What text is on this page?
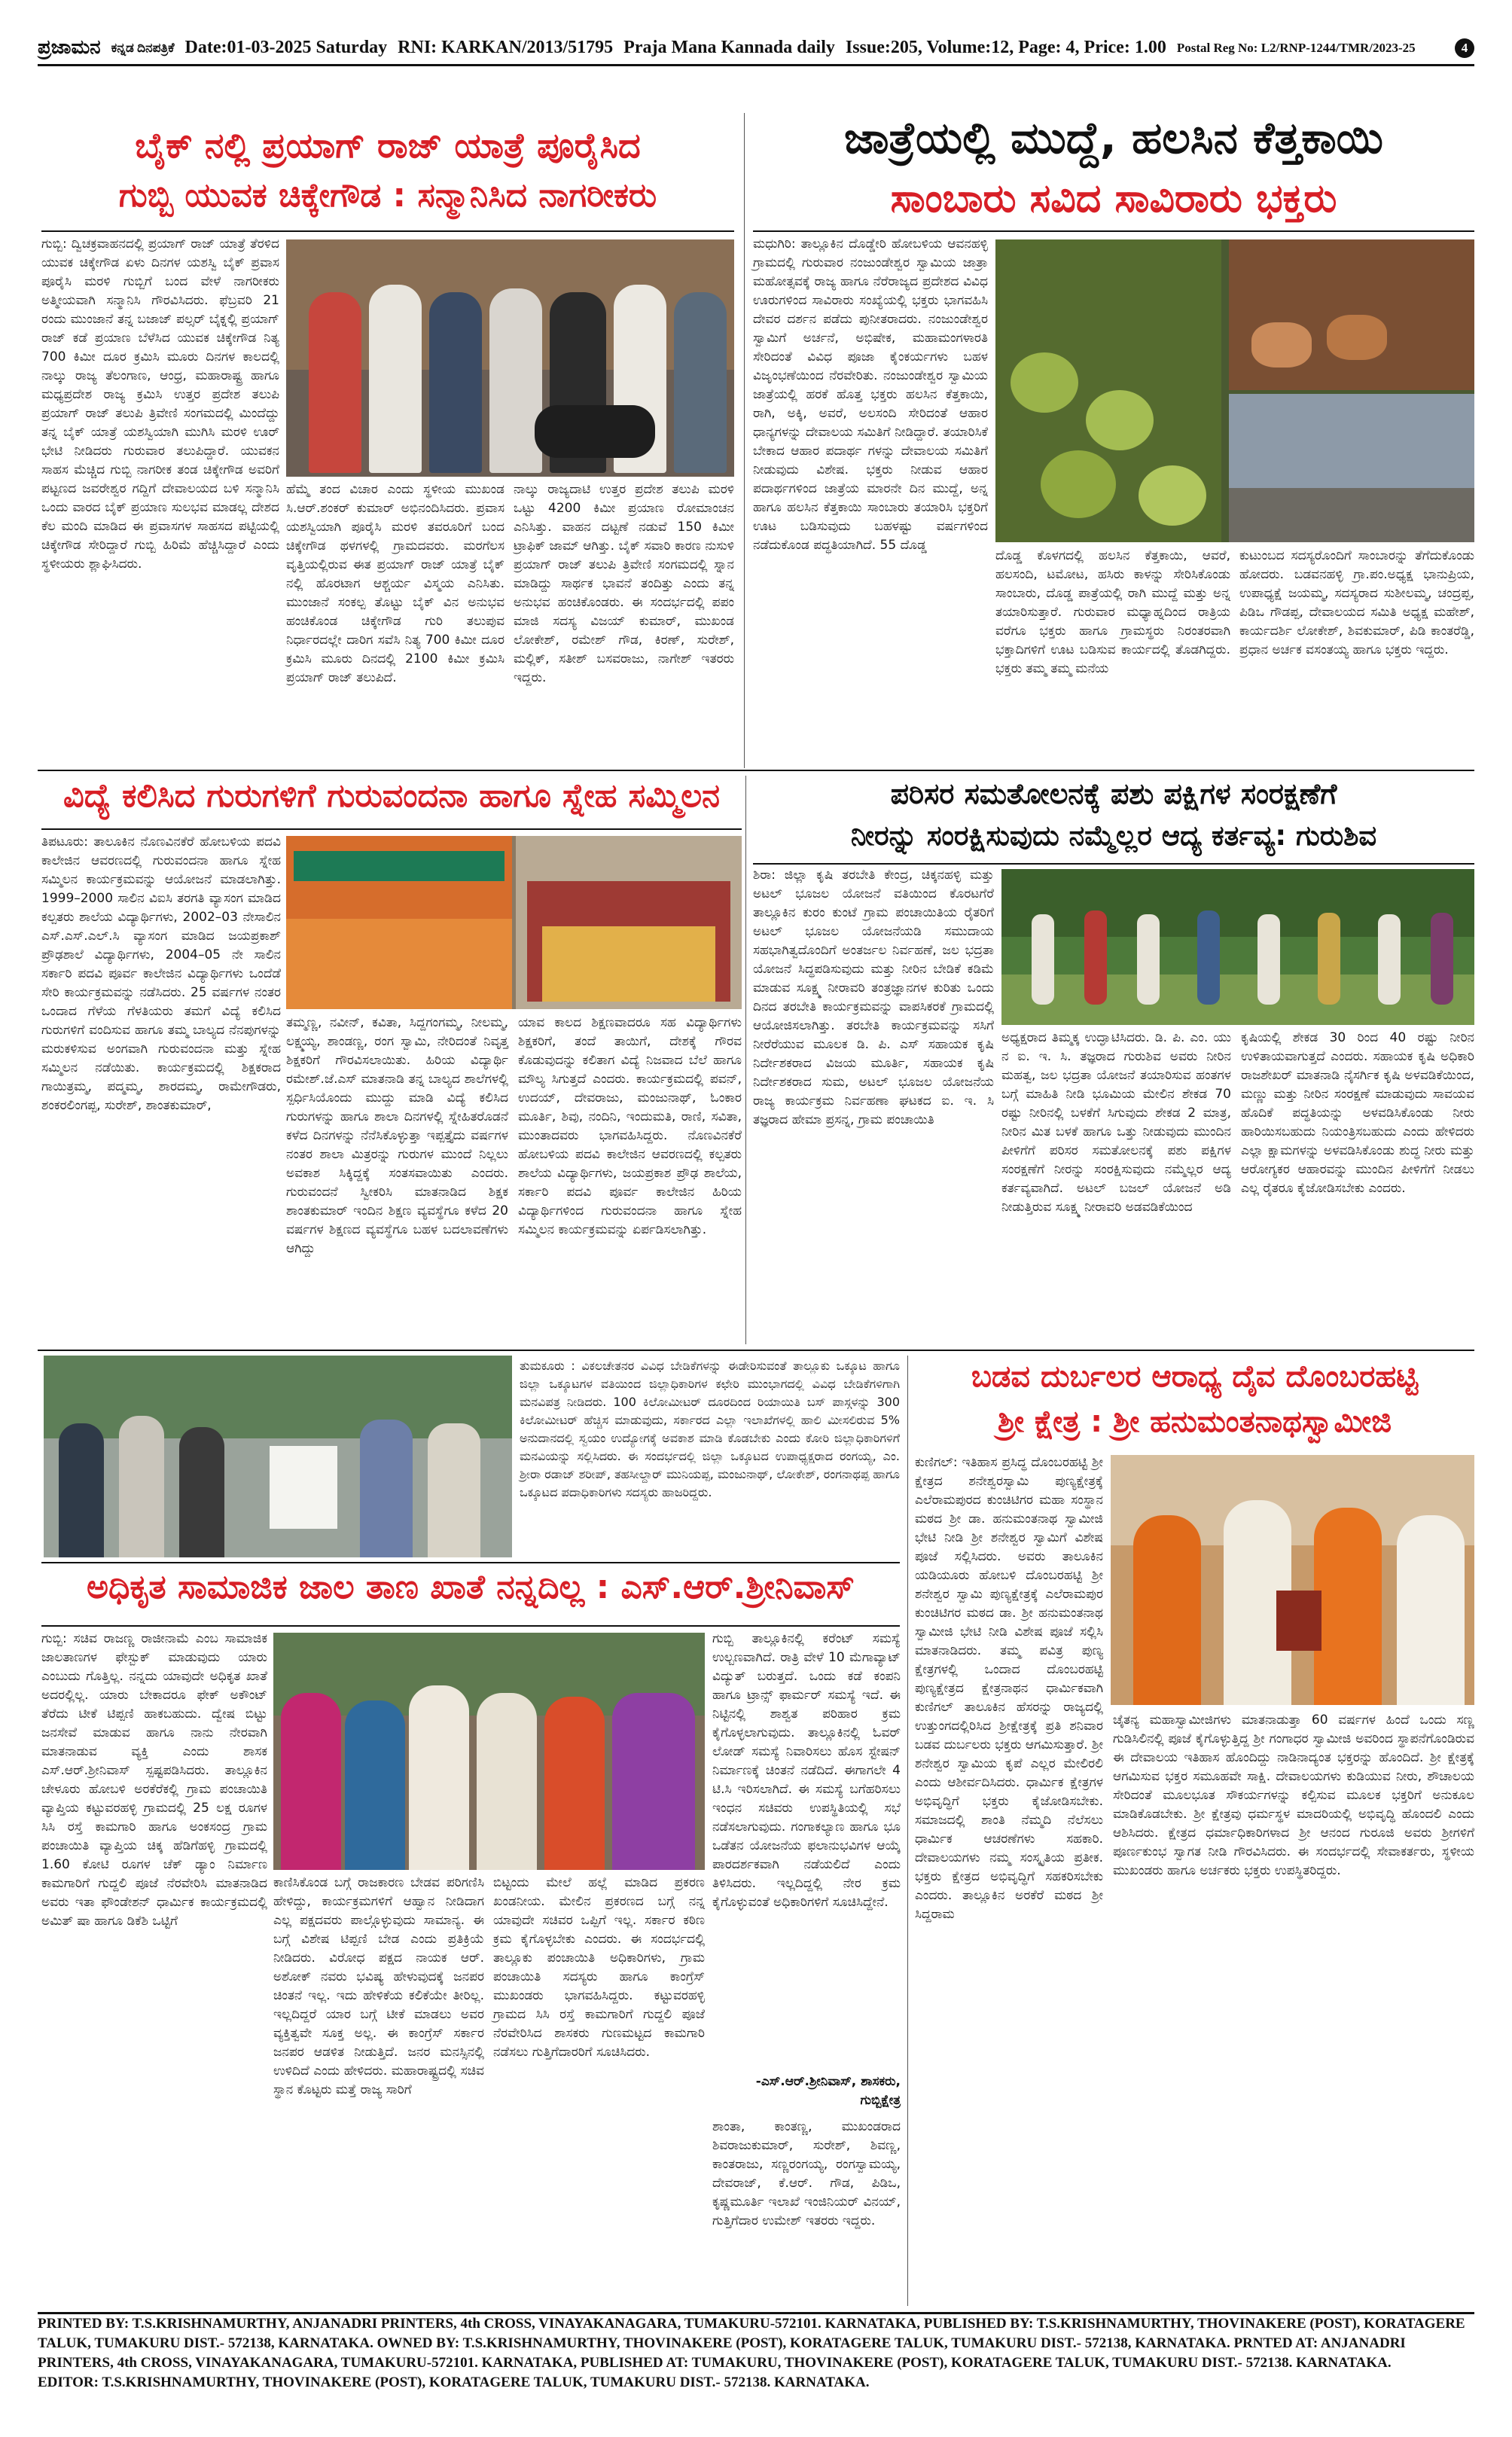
ಪ್ರಜಾಮನ ಕನ್ನಡ ದಿನಪತ್ರಿಕೆ Date:01-03-2025 Saturday RNI: KARKAN/2013/51795 Praja Mana Kannada daily Issue:205, Volume:12, Page: 4, Price: 1.00 Postal Reg No: L2/RNP-1244/TMR/2023-25	4
ಬೈಕ್ ನಲ್ಲಿ ಪ್ರಯಾಗ್ ರಾಜ್ ಯಾತ್ರೆ ಪೂರೈಸಿದ
ಗುಬ್ಬಿ ಯುವಕ ಚಿಕ್ಕೇಗೌಡ : ಸನ್ಮಾನಿಸಿದ ನಾಗರೀಕರು
ಗುಬ್ಬಿ: ದ್ವಿಚಕ್ರವಾಹನದಲ್ಲಿ ಪ್ರಯಾಗ್ ರಾಜ್ ಯಾತ್ರೆ ತೆರಳಿದ ಯುವಕ ಚಿಕ್ಕೇಗೌಡ ಏಳು ದಿನಗಳ ಯಶಸ್ವಿ ಬೈಕ್ ಪ್ರವಾಸ ಪೂರೈಸಿ ಮರಳಿ ಗುಬ್ಬಿಗೆ ಬಂದ ವೇಳೆ ನಾಗರೀಕರು ಅತ್ಮೀಯವಾಗಿ ಸನ್ಮಾನಿಸಿ ಗೌರವಿಸಿದರು. ಫೆಬ್ರವರಿ 21 ರಂದು ಮುಂಜಾನೆ ತನ್ನ ಬಜಾಜ್ ಪಲ್ಸರ್ ಬೈಕ್ನಲ್ಲಿ ಪ್ರಯಾಗ್ ರಾಜ್ ಕಡೆ ಪ್ರಯಾಣ ಬೆಳೆಸಿದ ಯುವಕ ಚಿಕ್ಕೇಗೌಡ ನಿತ್ಯ 700 ಕಿಮೀ ದೂರ ಕ್ರಮಿಸಿ ಮೂರು ದಿನಗಳ ಕಾಲದಲ್ಲಿ ನಾಲ್ಕು ರಾಜ್ಯ ತೆಲಂಗಾಣ, ಆಂಧ್ರ, ಮಹಾರಾಷ್ಟ್ರ ಹಾಗೂ ಮಧ್ಯಪ್ರದೇಶ ರಾಜ್ಯ ಕ್ರಮಿಸಿ ಉತ್ತರ ಪ್ರದೇಶ ತಲುಪಿ ಪ್ರಯಾಗ್ ರಾಜ್ ತಲುಪಿ ತ್ರಿವೇಣಿ ಸಂಗಮದಲ್ಲಿ ಮಿಂದೆದ್ದು ತನ್ನ ಬೈಕ್ ಯಾತ್ರೆ ಯಶಸ್ವಿಯಾಗಿ ಮುಗಿಸಿ ಮರಳಿ ಊರ್ ಭೇಟಿ ನೀಡಿದರು ಗುರುವಾರ ತಲುಪಿದ್ದಾರೆ. ಯುವಕನ ಸಾಹಸ ಮೆಚ್ಚಿದ ಗುಬ್ಬಿ ನಾಗರೀಕ ತಂಡ ಚಿಕ್ಕೇಗೌಡ ಅವರಿಗೆ ಪಟ್ಟಣದ ಜವರೇಶ್ವರ ಗದ್ದಿಗೆ ದೇವಾಲಯದ ಬಳಿ ಸನ್ಮಾನಿಸಿ ಒಂದು ವಾರದ ಬೈಕ್ ಪ್ರಯಾಣ ಸುಲಭವ ಮಾಡಲ್ಲ ದೇಶದ ಕೆಲ ಮಂದಿ ಮಾಡಿದ ಈ ಪ್ರವಾಸಗಳ ಸಾಹಸದ ಪಟ್ಟಿಯಲ್ಲಿ ಚಿಕ್ಕೇಗೌಡ ಸೇರಿದ್ದಾರೆ ಗುಬ್ಬಿ ಹಿರಿಮೆ ಹೆಚ್ಚಿಸಿದ್ದಾರೆ ಎಂದು ಸ್ಥಳೀಯರು ಶ್ಲಾಘಿಸಿದರು.
ಹೆಮ್ಮೆ ತಂದ ವಿಚಾರ ಎಂದು ಸ್ಥಳೀಯ ಮುಖಂಡ ಸಿ.ಆರ್.ಶಂಕರ್ ಕುಮಾರ್ ಅಭಿನಂದಿಸಿದರು. ಪ್ರವಾಸ ಯಶಸ್ವಿಯಾಗಿ ಪೂರೈಸಿ ಮರಳಿ ತವರೂರಿಗೆ ಬಂದ ಚಿಕ್ಕೇಗೌಡ ಥಳಗಳಲ್ಲಿ ಗ್ರಾಮದವರು. ಮರಗೆಲಸ ವೃತ್ತಿಯಲ್ಲಿರುವ ಈತ ಪ್ರಯಾಗ್ ರಾಜ್ ಯಾತ್ರೆ ಬೈಕ್ ನಲ್ಲಿ ಹೊರಟಾಗ ಆಶ್ಚರ್ಯ ವಿಸ್ಮಯ ಎನಿಸಿತು. ಮುಂಜಾನೆ ಸಂಕಲ್ಪ ತೊಟ್ಟು ಬೈಕ್ ವಿನ ಅನುಭವ ಹಂಚಿಕೊಂಡ ಚಿಕ್ಕೇಗೌಡ ಗುರಿ ತಲುಪುವ ನಿರ್ಧಾರದಲ್ಲೇ ದಾರಿಗ ಸವೆಸಿ ನಿತ್ಯ 700 ಕಿಮೀ ದೂರ ಕ್ರಮಿಸಿ ಮೂರು ದಿನದಲ್ಲಿ 2100 ಕಿಮೀ ಕ್ರಮಿಸಿ ಪ್ರಯಾಗ್ ರಾಜ್ ತಲುಪಿದೆ.
ನಾಲ್ಕು ರಾಜ್ಯದಾಟಿ ಉತ್ತರ ಪ್ರದೇಶ ತಲುಪಿ ಮರಳಿ ಒಟ್ಟು 4200 ಕಿಮೀ ಪ್ರಯಾಣ ರೋಮಾಂಚನ ಎನಿಸಿತ್ತು. ವಾಹನ ದಟ್ಟಣೆ ನಡುವೆ 150 ಕಿಮೀ ಟ್ರಾಫಿಕ್ ಜಾಮ್ ಆಗಿತ್ತು. ಬೈಕ್ ಸವಾರಿ ಕಾರಣ ನುಸುಳಿ ಪ್ರಯಾಗ್ ರಾಜ್ ತಲುಪಿ ತ್ರಿವೇಣಿ ಸಂಗಮದಲ್ಲಿ ಸ್ನಾನ ಮಾಡಿದ್ದು ಸಾರ್ಥಕ ಭಾವನೆ ತಂದಿತ್ತು ಎಂದು ತನ್ನ ಅನುಭವ ಹಂಚಿಕೊಂಡರು. ಈ ಸಂದರ್ಭದಲ್ಲಿ ಪಪಂ ಮಾಜಿ ಸದಸ್ಯ ವಿಜಯ್ ಕುಮಾರ್, ಮುಖಂಡ ಲೋಕೇಶ್, ರಮೇಶ್ ಗೌಡ, ಕಿರಣ್, ಸುರೇಶ್, ಮಲ್ಲಿಕ್, ಸತೀಶ್ ಬಸವರಾಜು, ನಾಗೇಶ್ ಇತರರು ಇದ್ದರು.
ಜಾತ್ರೆಯಲ್ಲಿ ಮುದ್ದೆ, ಹಲಸಿನ ಕೆತ್ತಕಾಯಿ
ಸಾಂಬಾರು ಸವಿದ ಸಾವಿರಾರು ಭಕ್ತರು
ಮಧುಗಿರಿ: ತಾಲ್ಲೂಕಿನ ದೊಡ್ಡೇರಿ ಹೋಬಳಿಯ ಆವನಹಳ್ಳಿ ಗ್ರಾಮದಲ್ಲಿ ಗುರುವಾರ ನಂಜುಂಡೇಶ್ವರ ಸ್ವಾಮಿಯ ಜಾತ್ರಾ ಮಹೋತ್ಸವಕ್ಕೆ ರಾಜ್ಯ ಹಾಗೂ ನೆರೆರಾಜ್ಯದ ಪ್ರದೇಶದ ವಿವಿಧ ಊರುಗಳಿಂದ ಸಾವಿರಾರು ಸಂಖ್ಯೆಯಲ್ಲಿ ಭಕ್ತರು ಭಾಗವಹಿಸಿ ದೇವರ ದರ್ಶನ ಪಡೆದು ಪುನೀತರಾದರು. ನಂಜುಂಡೇಶ್ವರ ಸ್ವಾಮಿಗೆ ಅರ್ಚನೆ, ಅಭಿಷೇಕ, ಮಹಾಮಂಗಳಾರತಿ ಸೇರಿದಂತೆ ವಿವಿಧ ಪೂಜಾ ಕೈಂಕರ್ಯಗಳು ಬಹಳ ವಿಜೃಂಭಣೆಯಿಂದ ನೆರವೇರಿತು. ನಂಜುಂಡೇಶ್ವರ ಸ್ವಾಮಿಯ ಜಾತ್ರೆಯಲ್ಲಿ ಹರಕೆ ಹೊತ್ತ ಭಕ್ತರು ಹಲಸಿನ ಕೆತ್ತಕಾಯಿ, ರಾಗಿ, ಅಕ್ಕಿ, ಅವರೆ, ಅಲಸಂದಿ ಸೇರಿದಂತೆ ಆಹಾರ ಧಾನ್ಯಗಳನ್ನು ದೇವಾಲಯ ಸಮಿತಿಗೆ ನೀಡಿದ್ದಾರೆ. ತಯಾರಿಸಿಕೆ ಬೇಕಾದ ಆಹಾರ ಪದಾರ್ಥ ಗಳನ್ನು ದೇವಾಲಯ ಸಮಿತಿಗೆ ನೀಡುವುದು ವಿಶೇಷ. ಭಕ್ತರು ನೀಡುವ ಆಹಾರ ಪದಾರ್ಥಗಳಿಂದ ಜಾತ್ರೆಯ ಮಾರನೇ ದಿನ ಮುದ್ದೆ, ಅನ್ನ ಹಾಗೂ ಹಲಸಿನ ಕೆತ್ತಕಾಯಿ ಸಾಂಬಾರು ತಯಾರಿಸಿ ಭಕ್ತರಿಗೆ ಊಟ ಬಡಿಸುವುದು ಬಹಳಷ್ಟು ವರ್ಷಗಳಿಂದ ನಡೆದುಕೊಂಡ ಪದ್ಧತಿಯಾಗಿದೆ. 55 ದೊಡ್ಡ
ದೊಡ್ಡ ಕೊಳಗದಲ್ಲಿ ಹಲಸಿನ ಕೆತ್ತಕಾಯಿ, ಆವರೆ, ಹಲಸಂದಿ, ಟಮೋಟ, ಹಸಿರು ಕಾಳನ್ನು ಸೇರಿಸಿಕೊಂಡು ಸಾಂಬಾರು, ದೊಡ್ಡ ಪಾತ್ರೆಯಲ್ಲಿ ರಾಗಿ ಮುದ್ದೆ ಮತ್ತು ಅನ್ನ ತಯಾರಿಸುತ್ತಾರೆ. ಗುರುವಾರ ಮಧ್ಯಾಹ್ನದಿಂದ ರಾತ್ರಿಯ ವರೆಗೂ ಭಕ್ತರು ಹಾಗೂ ಗ್ರಾಮಸ್ಥರು ನಿರಂತರವಾಗಿ ಭಕ್ತಾದಿಗಳಿಗೆ ಊಟ ಬಡಿಸುವ ಕಾರ್ಯದಲ್ಲಿ ತೊಡಗಿದ್ದರು. ಭಕ್ತರು ತಮ್ಮ ತಮ್ಮ ಮನೆಯ
ಕುಟುಂಬದ ಸದಸ್ಯರೊಂದಿಗೆ ಸಾಂಬಾರನ್ನು ತೆಗೆದುಕೊಂಡು ಹೋದರು. ಬಡವನಹಳ್ಳಿ ಗ್ರಾ.ಪಂ.ಅಧ್ಯಕ್ಷ ಭಾನುಪ್ರಿಯ, ಉಪಾಧ್ಯಕ್ಷೆ ಜಯಮ್ಮ, ಸದಸ್ಯರಾದ ಸುಶೀಲಮ್ಮ, ಚಂದ್ರಪ್ಪ, ಪಿಡಿಒ ಗೌಡಪ್ಪ, ದೇವಾಲಯದ ಸಮಿತಿ ಅಧ್ಯಕ್ಷ ಮಹೇಶ್, ಕಾರ್ಯದರ್ಶಿ ಲೋಕೇಶ್, ಶಿವಕುಮಾರ್, ಪಿಡಿ ಕಾಂತರೆಡ್ಡಿ, ಪ್ರಧಾನ ಅರ್ಚಕ ವಸಂತಯ್ಯ ಹಾಗೂ ಭಕ್ತರು ಇದ್ದರು.
ವಿದ್ಯೆ ಕಲಿಸಿದ ಗುರುಗಳಿಗೆ ಗುರುವಂದನಾ ಹಾಗೂ ಸ್ನೇಹ ಸಮ್ಮಿಲನ
ತಿಪಟೂರು: ತಾಲೂಕಿನ ನೊಣವಿನಕೆರೆ ಹೋಬಳಿಯ ಪದವಿ ಕಾಲೇಜಿನ ಆವರಣದಲ್ಲಿ ಗುರುವಂದನಾ ಹಾಗೂ ಸ್ನೇಹ ಸಮ್ಮಿಲನ ಕಾರ್ಯಕ್ರಮವನ್ನು ಆಯೋಜನೆ ಮಾಡಲಾಗಿತ್ತು. 1999–2000 ಸಾಲಿನ ವಿಐಸಿ ತರಗತಿ ವ್ಯಾಸಂಗ ಮಾಡಿದ ಕಲ್ಪತರು ಶಾಲೆಯ ವಿದ್ಯಾರ್ಥಿಗಳು, 2002–03 ನೇಸಾಲಿನ ಎಸ್.ಎಸ್.ಎಲ್.ಸಿ ವ್ಯಾಸಂಗ ಮಾಡಿದ ಜಯಪ್ರಕಾಶ್ ಪ್ರೌಢಶಾಲೆ ವಿದ್ಯಾರ್ಥಿಗಳು, 2004–05 ನೇ ಸಾಲಿನ ಸರ್ಕಾರಿ ಪದವಿ ಪೂರ್ವ ಕಾಲೇಜಿನ ವಿದ್ಯಾರ್ಥಿಗಳು ಒಂದೆಡೆ ಸೇರಿ ಕಾರ್ಯಕ್ರಮವನ್ನು ನಡೆಸಿದರು. 25 ವರ್ಷಗಳ ನಂತರ ಒಂದಾದ ಗೆಳೆಯ ಗೆಳತಿಯರು ತಮಗೆ ವಿದ್ಯೆ ಕಲಿಸಿದ ಗುರುಗಳಿಗೆ ವಂದಿಸುವ ಹಾಗೂ ತಮ್ಮ ಬಾಲ್ಯದ ನೆನಪುಗಳನ್ನು ಮರುಕಳಿಸುವ ಅಂಗವಾಗಿ ಗುರುವಂದನಾ ಮತ್ತು ಸ್ನೇಹ ಸಮ್ಮಿಲನ ನಡೆಯಿತು. ಕಾರ್ಯಕ್ರಮದಲ್ಲಿ ಶಿಕ್ಷಕರಾದ ಗಾಯಿತ್ರಮ್ಮ, ಪದ್ಮಮ್ಮ, ಶಾರದಮ್ಮ, ರಾಮೇಗೌಡರು, ಶಂಕರಲಿಂಗಪ್ಪ, ಸುರೇಶ್, ಶಾಂತಕುಮಾರ್,
ತಮ್ಮಣ್ಣ, ನವೀನ್, ಕವಿತಾ, ಸಿದ್ದಗಂಗಮ್ಮ, ನೀಲಮ್ಮ, ಲಕ್ಷ್ಮಯ್ಯ, ಶಾಂಡಣ್ಣ, ರಂಗ ಸ್ವಾಮಿ, ನೇರಿದಂತೆ ನಿವೃತ್ತ ಶಿಕ್ಷಕರಿಗೆ ಗೌರವಿಸಲಾಯಿತು. ಹಿರಿಯ ವಿದ್ಯಾರ್ಥಿ ರಮೇಶ್.ಜೆ.ಎಸ್ ಮಾತನಾಡಿ ತನ್ನ ಬಾಲ್ಯದ ಶಾಲೆಗಳಲ್ಲಿ ಸ್ಪರ್ಧಿಸಿಯೊಂದು ಮುದ್ದು ಮಾಡಿ ವಿದ್ಯೆ ಕಲಿಸಿದ ಗುರುಗಳನ್ನು ಹಾಗೂ ಶಾಲಾ ದಿನಗಳಲ್ಲಿ ಸ್ನೇಹಿತರೊಡನೆ ಕಳೆದ ದಿನಗಳನ್ನು ನೆನೆಸಿಕೊಳ್ಳುತ್ತಾ ಇಪ್ಪತ್ತೈದು ವರ್ಷಗಳ ನಂತರ ಶಾಲಾ ಮಿತ್ರರನ್ನು ಗುರುಗಳ ಮುಂದೆ ನಿಲ್ಲಲು ಅವಕಾಶ ಸಿಕ್ಕಿದ್ದಕ್ಕೆ ಸಂತಸವಾಯಿತು ಎಂದರು. ಗುರುವಂದನೆ ಸ್ವೀಕರಿಸಿ ಮಾತನಾಡಿದ ಶಿಕ್ಷಕ ಶಾಂತಕುಮಾರ್ ಇಂದಿನ ಶಿಕ್ಷಣ ವ್ಯವಸ್ಥೆಗೂ ಕಳೆದ 20 ವರ್ಷಗಳ ಶಿಕ್ಷಣದ ವ್ಯವಸ್ಥೆಗೂ ಬಹಳ ಬದಲಾವಣೆಗಳು ಆಗಿದ್ದು
ಯಾವ ಕಾಲದ ಶಿಕ್ಷಣವಾದರೂ ಸಹ ವಿದ್ಯಾರ್ಥಿಗಳು ಶಿಕ್ಷಕರಿಗೆ, ತಂದೆ ತಾಯಿಗೆ, ದೇಶಕ್ಕೆ ಗೌರವ ಕೊಡುವುದನ್ನು ಕಲಿತಾಗ ವಿದ್ಯೆ ನಿಜವಾದ ಬೆಲೆ ಹಾಗೂ ಮೌಲ್ಯ ಸಿಗುತ್ತದೆ ಎಂದರು. ಕಾರ್ಯಕ್ರಮದಲ್ಲಿ ಪವನ್, ಉದಯ್, ದೇವರಾಜು, ಮಂಜುನಾಥ್, ಓಂಕಾರ ಮೂರ್ತಿ, ಶಿವು, ನಂದಿನಿ, ಇಂದುಮತಿ, ರಾಣಿ, ಸವಿತಾ, ಮುಂತಾದವರು ಭಾಗವಹಿಸಿದ್ದರು. ನೊಣವಿನಕೆರೆ ಹೋಬಳಿಯ ಪದವಿ ಕಾಲೇಜಿನ ಆವರಣದಲ್ಲಿ ಕಲ್ಪತರು ಶಾಲೆಯ ವಿದ್ಯಾರ್ಥಿಗಳು, ಜಯಪ್ರಕಾಶ ಪ್ರೌಢ ಶಾಲೆಯ, ಸರ್ಕಾರಿ ಪದವಿ ಪೂರ್ವ ಕಾಲೇಜಿನ ಹಿರಿಯ ವಿದ್ಯಾರ್ಥಿಗಳಿಂದ ಗುರುವಂದನಾ ಹಾಗೂ ಸ್ನೇಹ ಸಮ್ಮಿಲನ ಕಾರ್ಯಕ್ರಮವನ್ನು ಏರ್ಪಡಿಸಲಾಗಿತ್ತು.
ಪರಿಸರ ಸಮತೋಲನಕ್ಕೆ ಪಶು ಪಕ್ಷಿಗಳ ಸಂರಕ್ಷಣೆಗೆ
ನೀರನ್ನು ಸಂರಕ್ಷಿಸುವುದು ನಮ್ಮೆಲ್ಲರ ಆದ್ಯ ಕರ್ತವ್ಯ: ಗುರುಶಿವ
ಶಿರಾ: ಜಿಲ್ಲಾ ಕೃಷಿ ತರಬೇತಿ ಕೇಂದ್ರ, ಚಿಕ್ಕನಹಳ್ಳಿ ಮತ್ತು ಅಟಲ್ ಭೂಜಲ ಯೋಜನೆ ವತಿಯಿಂದ ಕೊರಟಗೆರೆ ತಾಲ್ಲೂಕಿನ ಕುರಂ ಕುಂಟೆ ಗ್ರಾಮ ಪಂಚಾಯಿತಿಯ ರೈತರಿಗೆ ಅಟಲ್ ಭೂಜಲ ಯೋಜನೆಯಡಿ ಸಮುದಾಯ ಸಹಭಾಗಿತ್ವದೊಂದಿಗೆ ಅಂತರ್ಜಲ ನಿರ್ವಹಣೆ, ಜಲ ಭದ್ರತಾ ಯೋಜನೆ ಸಿದ್ಧಪಡಿಸುವುದು ಮತ್ತು ನೀರಿನ ಬೇಡಿಕೆ ಕಡಿಮೆ ಮಾಡುವ ಸೂಕ್ಷ್ಮ ನೀರಾವರಿ ತಂತ್ರಜ್ಞಾನಗಳ ಕುರಿತು ಒಂದು ದಿನದ ತರಬೇತಿ ಕಾರ್ಯಕ್ರಮವನ್ನು ವಾಪಸಿಕರಕೆ ಗ್ರಾಮದಲ್ಲಿ ಆಯೋಜಿಸಲಾಗಿತ್ತು. ತರಬೇತಿ ಕಾರ್ಯಕ್ರಮವನ್ನು ಸಸಿಗೆ ನೀರೆರೆಯುವ ಮೂಲಕ ಡಿ. ಪಿ. ಎಸ್ ಸಹಾಯಕ ಕೃಷಿ ನಿರ್ದೇಶಕರಾದ ವಿಜಯ ಮೂರ್ತಿ, ಸಹಾಯಕ ಕೃಷಿ ನಿರ್ದೇಶಕರಾದ ಸುಮ, ಅಟಲ್ ಭೂಜಲ ಯೋಜನೆಯ ರಾಜ್ಯ ಕಾರ್ಯಕ್ರಮ ನಿರ್ವಹಣಾ ಘಟಕದ ಐ. ಇ. ಸಿ ತಜ್ಞರಾದ ಹೇಮಾ ಪ್ರಸನ್ನ, ಗ್ರಾಮ ಪಂಚಾಯಿತಿ
ಅಧ್ಯಕ್ಷರಾದ ತಿಮ್ಮಕ್ಕ ಉದ್ಘಾಟಿಸಿದರು. ಡಿ. ಪಿ. ಎಂ. ಯು ನ ಐ. ಇ. ಸಿ. ತಜ್ಞರಾದ ಗುರುಶಿವ ಅವರು ನೀರಿನ ಮಹತ್ವ, ಜಲ ಭದ್ರತಾ ಯೋಜನೆ ತಯಾರಿಸುವ ಹಂತಗಳ ಬಗ್ಗೆ ಮಾಹಿತಿ ನೀಡಿ ಭೂಮಿಯ ಮೇಲಿನ ಶೇಕಡ 70 ರಷ್ಟು ನೀರಿನಲ್ಲಿ ಬಳಕೆಗೆ ಸಿಗುವುದು ಶೇಕಡ 2 ಮಾತ್ರ, ನೀರಿನ ಮಿತ ಬಳಕೆ ಹಾಗೂ ಒತ್ತು ನೀಡುವುದು ಮುಂದಿನ ಪೀಳಿಗೆಗೆ ಪರಿಸರ ಸಮತೋಲನಕ್ಕೆ ಪಶು ಪಕ್ಷಿಗಳ ಸಂರಕ್ಷಣೆಗೆ ನೀರನ್ನು ಸಂರಕ್ಷಿಸುವುದು ನಮ್ಮೆಲ್ಲರ ಆದ್ಯ ಕರ್ತವ್ಯವಾಗಿದೆ. ಅಟಲ್ ಬಜಲ್ ಯೋಜನೆ ಅಡಿ ನೀಡುತ್ತಿರುವ ಸೂಕ್ಷ್ಮ ನೀರಾವರಿ ಅಡವಡಿಕೆಯಿಂದ
ಕೃಷಿಯಲ್ಲಿ ಶೇಕಡ 30 ರಿಂದ 40 ರಷ್ಟು ನೀರಿನ ಉಳಿತಾಯವಾಗುತ್ತದೆ ಎಂದರು. ಸಹಾಯಕ ಕೃಷಿ ಅಧಿಕಾರಿ ರಾಜಶೇಖರ್ ಮಾತನಾಡಿ ನೈಸರ್ಗಿಕ ಕೃಷಿ ಅಳವಡಿಕೆಯಿಂದ, ಮಣ್ಣು ಮತ್ತು ನೀರಿನ ಸಂರಕ್ಷಣೆ ಮಾಡುವುದು ಸಾವಯವ ಹೊದಿಕೆ ಪದ್ಧತಿಯನ್ನು ಅಳವಡಿಸಿಕೊಂಡು ನೀರು ಹಾರಿಯಿಸಬಹುದು ನಿಯಂತ್ರಿಸಬಹುದು ಎಂದು ಹೇಳಿದರು ಎಲ್ಲಾ ಕ್ಷಾಮಗಳನ್ನು ಅಳವಡಿಸಿಕೊಂಡು ಶುದ್ಧ ನೀರು ಮತ್ತು ಆರೋಗ್ಯಕರ ಆಹಾರವನ್ನು ಮುಂದಿನ ಪೀಳಿಗೆಗೆ ನೀಡಲು ಎಲ್ಲ ರೈತರೂ ಕೈಜೋಡಿಸಬೇಕು ಎಂದರು.
ತುಮಕೂರು : ವಿಕಲಚೇತನರ ವಿವಿಧ ಬೇಡಿಕೆಗಳನ್ನು ಈಡೇರಿಸುವಂತೆ ತಾಲ್ಲೂಕು ಒಕ್ಕೂಟ ಹಾಗೂ ಜಿಲ್ಲಾ ಒಕ್ಕೂಟಗಳ ವತಿಯಿಂದ ಜಿಲ್ಲಾಧಿಕಾರಿಗಳ ಕಛೇರಿ ಮುಂಭಾಗದಲ್ಲಿ ವಿವಿಧ ಬೇಡಿಕೆಗಳಿಗಾಗಿ ಮನವಿಪತ್ರ ನೀಡಿದರು. 100 ಕಿಲೋಮೀಟರ್ ದೂರದಿಂದ ರಿಯಾಯಿತಿ ಬಸ್ ಪಾಸ್ಗಳನ್ನು 300 ಕಿಲೋಮೀಟರ್ ಹೆಚ್ಚಿಸ ಮಾಡುವುದು, ಸರ್ಕಾರದ ಎಲ್ಲಾ ಇಲಾಖೆಗಳಲ್ಲಿ ಹಾಲಿ ಮೀಸಲಿರುವ 5% ಅನುದಾನದಲ್ಲಿ ಸ್ವಯಂ ಉದ್ಯೋಗಕ್ಕೆ ಅವಕಾಶ ಮಾಡಿ ಕೊಡಬೇಕು ಎಂದು ಕೋರಿ ಜಿಲ್ಲಾಧಿಕಾರಿಗಳಿಗೆ ಮನವಿಯನ್ನು ಸಲ್ಲಿಸಿದರು. ಈ ಸಂದರ್ಭದಲ್ಲಿ ಜಿಲ್ಲಾ ಒಕ್ಕೂಟದ ಉಪಾಧ್ಯಕ್ಷರಾದ ರಂಗಯ್ಯ, ಎಂ. ಶ್ರೀರಾ ರಡಾಜ್ ಶರೀಪ್, ತಹಸೀಲ್ದಾರ್ ಮುನಿಯಪ್ಪ, ಮಂಜುನಾಥ್, ಲೋಕೇಶ್, ರಂಗನಾಥಪ್ಪ ಹಾಗೂ ಒಕ್ಕೂಟದ ಪದಾಧಿಕಾರಿಗಳು ಸದಸ್ಯರು ಹಾಜರಿದ್ದರು.
ಬಡವ ದುರ್ಬಲರ ಆರಾಧ್ಯ ದೈವ ದೊಂಬರಹಟ್ಟಿ
ಶ್ರೀ ಕ್ಷೇತ್ರ : ಶ್ರೀ ಹನುಮಂತನಾಥಸ್ವಾಮೀಜಿ
ಕುಣಿಗಲ್: ಇತಿಹಾಸ ಪ್ರಸಿದ್ಧ ದೊಂಬರಹಟ್ಟಿ ಶ್ರೀ ಕ್ಷೇತ್ರದ ಶನೇಶ್ವರಸ್ವಾಮಿ ಪುಣ್ಯಕ್ಷೇತ್ರಕ್ಕೆ ಎಲೆರಾಮಪುರದ ಕುಂಚಿಟಿಗರ ಮಹಾ ಸಂಸ್ಥಾನ ಮಠದ ಶ್ರೀ ಡಾ. ಹನುಮಂತನಾಥ ಸ್ವಾಮೀಜಿ ಭೇಟಿ ನೀಡಿ ಶ್ರೀ ಶನೇಶ್ವರ ಸ್ವಾಮಿಗೆ ವಿಶೇಷ ಪೂಜೆ ಸಲ್ಲಿಸಿದರು. ಅವರು ತಾಲೂಕಿನ ಯಡಿಯೂರು ಹೋಬಳಿ ದೊಂಬರಹಟ್ಟಿ ಶ್ರೀ ಶನೇಶ್ವರ ಸ್ವಾಮಿ ಪುಣ್ಯಕ್ಷೇತ್ರಕ್ಕೆ ಎಲೆರಾಮಪುರ ಕುಂಚಿಟಿಗರ ಮಠದ ಡಾ. ಶ್ರೀ ಹನುಮಂತನಾಥ ಸ್ವಾಮೀಜಿ ಭೇಟಿ ನೀಡಿ ವಿಶೇಷ ಪೂಜೆ ಸಲ್ಲಿಸಿ ಮಾತನಾಡಿದರು. ತಮ್ಮ ಪವಿತ್ರ ಪುಣ್ಯ ಕ್ಷೇತ್ರಗಳಲ್ಲಿ ಒಂದಾದ ದೊಂಬರಹಟ್ಟಿ ಪುಣ್ಯಕ್ಷೇತ್ರದ ಕ್ಷೇತ್ರನಾಥನ ಧಾರ್ಮಿಕವಾಗಿ ಕುಣಿಗಲ್ ತಾಲೂಕಿನ ಹೆಸರನ್ನು ರಾಜ್ಯದಲ್ಲಿ ಉತ್ತುಂಗದಲ್ಲಿರಿಸಿದ ಶ್ರೀಕ್ಷೇತ್ರಕ್ಕೆ ಪ್ರತಿ ಶನಿವಾರ ಬಡವ ದುರ್ಬಲರು ಭಕ್ತರು ಆಗಮಿಸುತ್ತಾರೆ. ಶ್ರೀ ಶನೇಶ್ವರ ಸ್ವಾಮಿಯ ಕೃಪೆ ಎಲ್ಲರ ಮೇಲಿರಲಿ ಎಂದು ಆಶೀರ್ವದಿಸಿದರು. ಧಾರ್ಮಿಕ ಕ್ಷೇತ್ರಗಳ ಅಭಿವೃದ್ಧಿಗೆ ಭಕ್ತರು ಕೈಜೋಡಿಸಬೇಕು. ಸಮಾಜದಲ್ಲಿ ಶಾಂತಿ ನೆಮ್ಮದಿ ನೆಲೆಸಲು ಧಾರ್ಮಿಕ ಆಚರಣೆಗಳು ಸಹಕಾರಿ. ದೇವಾಲಯಗಳು ನಮ್ಮ ಸಂಸ್ಕೃತಿಯ ಪ್ರತೀಕ. ಭಕ್ತರು ಕ್ಷೇತ್ರದ ಅಭಿವೃದ್ಧಿಗೆ ಸಹಕರಿಸಬೇಕು ಎಂದರು. ತಾಲ್ಲೂಕಿನ ಅರಕೆರೆ ಮಠದ ಶ್ರೀ ಸಿದ್ದರಾಮ
ಚೈತನ್ಯ ಮಹಾಸ್ವಾಮೀಜಿಗಳು ಮಾತನಾಡುತ್ತಾ 60 ವರ್ಷಗಳ ಹಿಂದೆ ಒಂದು ಸಣ್ಣ ಗುಡಿಸಿಲಿನಲ್ಲಿ ಪೂಜೆ ಕೈಗೊಳ್ಳುತ್ತಿದ್ದ ಶ್ರೀ ಗಂಗಾಧರ ಸ್ವಾಮೀಜಿ ಅವರಿಂದ ಸ್ಥಾಪನೆಗೊಂಡಿರುವ ಈ ದೇವಾಲಯ ಇತಿಹಾಸ ಹೊಂದಿದ್ದು ನಾಡಿನಾದ್ಯಂತ ಭಕ್ತರನ್ನು ಹೊಂದಿದೆ. ಶ್ರೀ ಕ್ಷೇತ್ರಕ್ಕೆ ಆಗಮಿಸುವ ಭಕ್ತರ ಸಮೂಹವೇ ಸಾಕ್ಷಿ. ದೇವಾಲಯಗಳು ಕುಡಿಯುವ ನೀರು, ಶೌಚಾಲಯ ಸೇರಿದಂತೆ ಮೂಲಭೂತ ಸೌಕರ್ಯಗಳನ್ನು ಕಲ್ಪಿಸುವ ಮೂಲಕ ಭಕ್ತರಿಗೆ ಅನುಕೂಲ ಮಾಡಿಕೊಡಬೇಕು. ಶ್ರೀ ಕ್ಷೇತ್ರವು ಧರ್ಮಸ್ಥಳ ಮಾದರಿಯಲ್ಲಿ ಅಭಿವೃದ್ಧಿ ಹೊಂದಲಿ ಎಂದು ಆಶಿಸಿದರು. ಕ್ಷೇತ್ರದ ಧರ್ಮಾಧಿಕಾರಿಗಳಾದ ಶ್ರೀ ಆನಂದ ಗುರೂಜಿ ಅವರು ಶ್ರೀಗಳಿಗೆ ಪೂರ್ಣಕುಂಭ ಸ್ವಾಗತ ನೀಡಿ ಗೌರವಿಸಿದರು. ಈ ಸಂದರ್ಭದಲ್ಲಿ ಸೇವಾಕರ್ತರು, ಸ್ಥಳೀಯ ಮುಖಂಡರು ಹಾಗೂ ಅರ್ಚಕರು ಭಕ್ತರು ಉಪಸ್ಥಿತರಿದ್ದರು.
ಅಧಿಕೃತ ಸಾಮಾಜಿಕ ಜಾಲ ತಾಣ ಖಾತೆ ನನ್ನದಿಲ್ಲ : ಎಸ್.ಆರ್.ಶ್ರೀನಿವಾಸ್
ಗುಬ್ಬಿ: ಸಚಿವ ರಾಜಣ್ಣ ರಾಜೀನಾಮೆ ಎಂಬ ಸಾಮಾಜಿಕ ಜಾಲತಾಣಗಳ ಫೇಸ್ಬುಕ್ ಮಾಡುವುದು ಯಾರು ಎಂಬುದು ಗೊತ್ತಿಲ್ಲ. ನನ್ನದು ಯಾವುದೇ ಅಧಿಕೃತ ಖಾತೆ ಅದರಲ್ಲಿಲ್ಲ. ಯಾರು ಬೇಕಾದರೂ ಫೇಕ್ ಅಕೌಂಟ್ ತೆರೆದು ಟೀಕೆ ಟಿಪ್ಪಣಿ ಹಾಕಬಹುದು. ದ್ವೇಷ ಬಿಟ್ಟು ಜನಸೇವೆ ಮಾಡುವ ಹಾಗೂ ನಾನು ನೇರವಾಗಿ ಮಾತನಾಡುವ ವ್ಯಕ್ತಿ ಎಂದು ಶಾಸಕ ಎಸ್.ಆರ್.ಶ್ರೀನಿವಾಸ್ ಸ್ಪಷ್ಟಪಡಿಸಿದರು. ತಾಲ್ಲೂಕಿನ ಚೇಳೂರು ಹೋಬಳಿ ಅರಕೆರೆಕಲ್ಲಿ ಗ್ರಾಮ ಪಂಚಾಯಿತಿ ವ್ಯಾಪ್ತಿಯ ಕಟ್ಟುವರಹಳ್ಳಿ ಗ್ರಾಮದಲ್ಲಿ 25 ಲಕ್ಷ ರೂಗಳ ಸಿಸಿ ರಸ್ತೆ ಕಾಮಗಾರಿ ಹಾಗೂ ಅಂಕಸಂದ್ರ ಗ್ರಾಮ ಪಂಚಾಯಿತಿ ವ್ಯಾಪ್ತಿಯ ಚಿಕ್ಕ ಹೆಡಿಗೆಹಳ್ಳಿ ಗ್ರಾಮದಲ್ಲಿ 1.60 ಕೋಟಿ ರೂಗಳ ಚೆಕ್ ಡ್ಯಾಂ ನಿರ್ಮಾಣ ಕಾಮಗಾರಿಗೆ ಗುದ್ದಲಿ ಪೂಜೆ ನೆರವೇರಿಸಿ ಮಾತನಾಡಿದ ಅವರು ಇತಾ ಫೌಂಡೇಶನ್ ಧಾರ್ಮಿಕ ಕಾರ್ಯಕ್ರಮದಲ್ಲಿ ಅಮಿತ್ ಷಾ ಹಾಗೂ ಡಿಕೆಶಿ ಒಟ್ಟಿಗೆ
ಕಾಣಿಸಿಕೊಂಡ ಬಗ್ಗೆ ರಾಜಕಾರಣ ಬೇಡವ ಪರಿಗಣಿಸಿ ಹೇಳಿದ್ದು, ಕಾರ್ಯಕ್ರಮಗಳಿಗೆ ಆಹ್ವಾನ ನೀಡಿದಾಗ ಎಲ್ಲ ಪಕ್ಷದವರು ಪಾಲ್ಗೊಳ್ಳುವುದು ಸಾಮಾನ್ಯ. ಈ ಬಗ್ಗೆ ವಿಶೇಷ ಟಿಪ್ಪಣಿ ಬೇಡ ಎಂದು ಪ್ರತಿಕ್ರಿಯೆ ನೀಡಿದರು. ವಿರೋಧ ಪಕ್ಷದ ನಾಯಕ ಆರ್. ಅಶೋಕ್ ನವರು ಭವಿಷ್ಯ ಹೇಳುವುದಕ್ಕೆ ಜನಪರ ಚಿಂತನೆ ಇಲ್ಲ. ಇದು ಹೇಳಿಕೆಯ ಕಲಿಕೆಯೇ ತೀರಿಲ್ಲ. ಇಲ್ಲದಿದ್ದರೆ ಯಾರ ಬಗ್ಗೆ ಟೀಕೆ ಮಾಡಲು ಅವರ ವ್ಯಕ್ತಿತ್ವವೇ ಸೂಕ್ತ ಅಲ್ಲ. ಈ ಕಾಂಗ್ರೆಸ್ ಸರ್ಕಾರ ಜನಪರ ಆಡಳಿತ ನೀಡುತ್ತಿದೆ. ಜನರ ಮನಸ್ಸಿನಲ್ಲಿ ಉಳಿದಿದೆ ಎಂದು ಹೇಳಿದರು. ಮಹಾರಾಷ್ಟ್ರದಲ್ಲಿ ಸಚಿವ ಸ್ಥಾನ ಕೊಟ್ಟರು ಮತ್ತೆ ರಾಜ್ಯ ಸಾರಿಗೆ
ಬಿಟ್ಟಂದು ಮೇಲೆ ಹಲ್ಲೆ ಮಾಡಿದ ಪ್ರಕರಣ ಖಂಡನೀಯ. ಮೇಲಿನ ಪ್ರಕರಣದ ಬಗ್ಗೆ ನನ್ನ ಯಾವುದೇ ಸಚಿವರ ಒಪ್ಪಿಗೆ ಇಲ್ಲ. ಸರ್ಕಾರ ಕಠಿಣ ಕ್ರಮ ಕೈಗೊಳ್ಳಬೇಕು ಎಂದರು. ಈ ಸಂದರ್ಭದಲ್ಲಿ ತಾಲ್ಲೂಕು ಪಂಚಾಯಿತಿ ಅಧಿಕಾರಿಗಳು, ಗ್ರಾಮ ಪಂಚಾಯಿತಿ ಸದಸ್ಯರು ಹಾಗೂ ಕಾಂಗ್ರೆಸ್ ಮುಖಂಡರು ಭಾಗವಹಿಸಿದ್ದರು. ಕಟ್ಟುವರಹಳ್ಳಿ ಗ್ರಾಮದ ಸಿಸಿ ರಸ್ತೆ ಕಾಮಗಾರಿಗೆ ಗುದ್ದಲಿ ಪೂಜೆ ನೆರವೇರಿಸಿದ ಶಾಸಕರು ಗುಣಮಟ್ಟದ ಕಾಮಗಾರಿ ನಡೆಸಲು ಗುತ್ತಿಗೆದಾರರಿಗೆ ಸೂಚಿಸಿದರು.
ಗುಬ್ಬಿ ತಾಲ್ಲೂಕಿನಲ್ಲಿ ಕರೆಂಟ್ ಸಮಸ್ಯೆ ಉಲ್ಬಣವಾಗಿದೆ. ರಾತ್ರಿ ವೇಳೆ 10 ಮೆಗಾವ್ಯಾಟ್ ವಿದ್ಯುತ್ ಬರುತ್ತದೆ. ಒಂದು ಕಡೆ ಕಂಪನಿ ಹಾಗೂ ಟ್ರಾನ್ಸ್ ಫಾರ್ಮರ್ ಸಮಸ್ಯೆ ಇದೆ. ಈ ನಿಟ್ಟಿನಲ್ಲಿ ಶಾಶ್ವತ ಪರಿಹಾರ ಕ್ರಮ ಕೈಗೊಳ್ಳಲಾಗುವುದು. ತಾಲ್ಲೂಕಿನಲ್ಲಿ ಓವರ್ ಲೋಡ್ ಸಮಸ್ಯೆ ನಿವಾರಿಸಲು ಹೊಸ ಸ್ಟೇಷನ್ ನಿರ್ಮಾಣಕ್ಕೆ ಚಿಂತನೆ ನಡೆದಿದೆ. ಈಗಾಗಲೇ 4 ಟಿ.ಸಿ ಇರಿಸಲಾಗಿದೆ. ಈ ಸಮಸ್ಯೆ ಬಗೆಹರಿಸಲು ಇಂಧನ ಸಚಿವರು ಉಪಸ್ಥಿತಿಯಲ್ಲಿ ಸಭೆ ನಡೆಸಲಾಗುವುದು. ಗಂಗಾಕಲ್ಯಾಣ ಹಾಗೂ ಭೂ ಒಡೆತನ ಯೋಜನೆಯ ಫಲಾನುಭವಿಗಳ ಆಯ್ಕೆ ಪಾರದರ್ಶಕವಾಗಿ ನಡೆಯಲಿದೆ ಎಂದು ತಿಳಿಸಿದರು. ಇಲ್ಲದಿದ್ದಲ್ಲಿ ನೇರ ಕ್ರಮ ಕೈಗೊಳ್ಳುವಂತೆ ಅಧಿಕಾರಿಗಳಿಗೆ ಸೂಚಿಸಿದ್ದೇನೆ.
-ಎಸ್.ಆರ್.ಶ್ರೀನಿವಾಸ್, ಶಾಸಕರು, ಗುಬ್ಬಿಕ್ಷೇತ್ರ
ಶಾಂತಾ, ಕಾಂತಣ್ಣ, ಮುಖಂಡರಾದ ಶಿವರಾಜುಕುಮಾರ್, ಸುರೇಶ್, ಶಿವಣ್ಣ, ಕಾಂತರಾಜು, ಸಣ್ಣರಂಗಯ್ಯ, ರಂಗಸ್ವಾಮಯ್ಯ, ದೇವರಾಜ್, ಕೆ.ಆರ್. ಗೌಡ, ಪಿಡಿಒ, ಕೃಷ್ಣಮೂರ್ತಿ ಇಲಾಖೆ ಇಂಜಿನಿಯರ್ ವಿನಯ್, ಗುತ್ತಿಗೆದಾರ ಉಮೇಶ್ ಇತರರು ಇದ್ದರು.
PRINTED BY: T.S.KRISHNAMURTHY, ANJANADRI PRINTERS, 4th CROSS, VINAYAKANAGARA, TUMAKURU-572101. KARNATAKA, PUBLISHED BY: T.S.KRISHNAMURTHY, THOVINAKERE (POST), KORATAGERE TALUK, TUMAKURU DIST.- 572138, KARNATAKA. OWNED BY: T.S.KRISHNAMURTHY, THOVINAKERE (POST), KORATAGERE TALUK, TUMAKURU DIST.- 572138, KARNATAKA. PRNTED AT: ANJANADRI PRINTERS, 4th CROSS, VINAYAKANAGARA, TUMAKURU-572101. KARNATAKA, PUBLISHED AT: TUMAKURU, THOVINAKERE (POST), KORATAGERE TALUK, TUMAKURU DIST.- 572138. KARNATAKA.
EDITOR: T.S.KRISHNAMURTHY, THOVINAKERE (POST), KORATAGERE TALUK, TUMAKURU DIST.- 572138. KARNATAKA.
